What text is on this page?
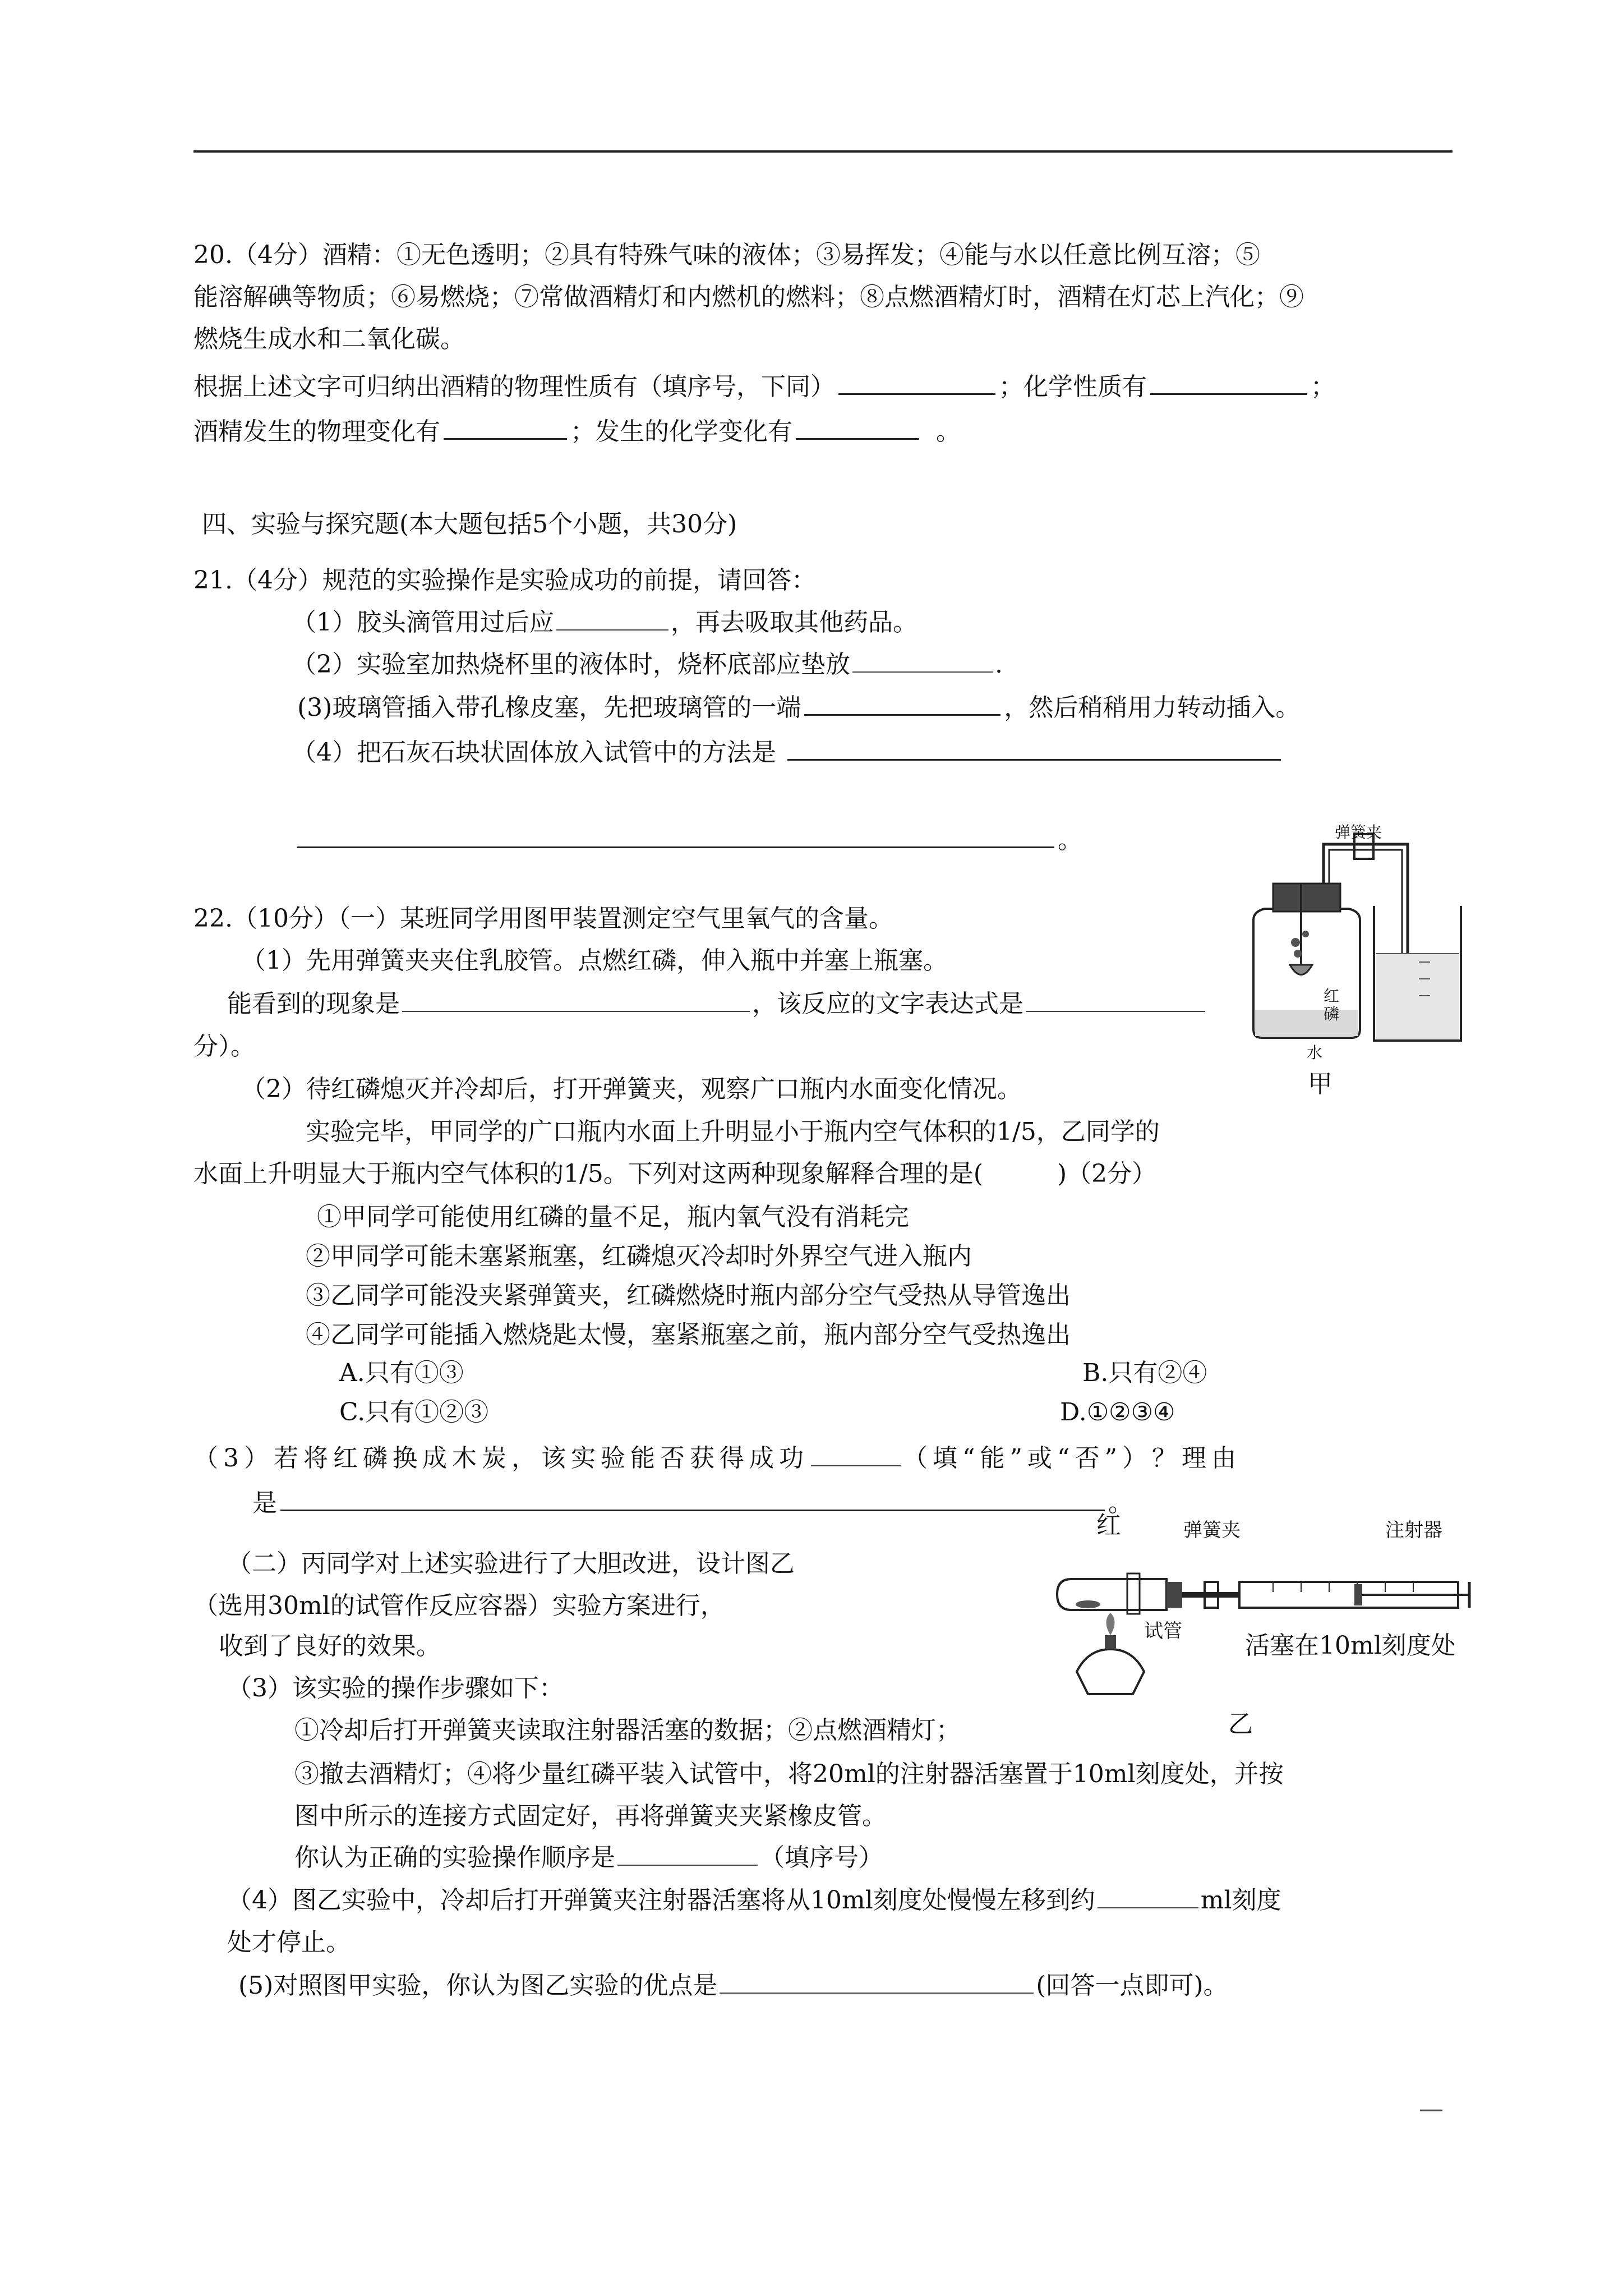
20.（4分）酒精：①无色透明；②具有特殊气味的液体；③易挥发；④能与水以任意比例互溶；⑤
能溶解碘等物质；⑥易燃烧；⑦常做酒精灯和内燃机的燃料；⑧点燃酒精灯时，酒精在灯芯上汽化；⑨
燃烧生成水和二氧化碳。
根据上述文字可归纳出酒精的物理性质有（填序号，下同）	；化学性质有	；
酒精发生的物理变化有	；发生的化学变化有	。
四、实验与探究题(本大题包括5个小题，共30分)
21.（4分）规范的实验操作是实验成功的前提，请回答：
（1）胶头滴管用过后应	，再去吸取其他药品。
（2）实验室加热烧杯里的液体时，烧杯底部应垫放	.
(3)玻璃管插入带孔橡皮塞，先把玻璃管的一端	，然后稍稍用力转动插入。
（4）把石灰石块状固体放入试管中的方法是
。	弹簧夹
红磷
水
甲
22.（10分）（一）某班同学用图甲装置测定空气里氧气的含量。
（1）先用弹簧夹夹住乳胶管。点燃红磷，伸入瓶中并塞上瓶塞。
能看到的现象是	，该反应的文字表达式是
分）。
（2）待红磷熄灭并冷却后，打开弹簧夹，观察广口瓶内水面变化情况。
实验完毕，甲同学的广口瓶内水面上升明显小于瓶内空气体积的1/5，乙同学的
水面上升明显大于瓶内空气体积的1/5。下列对这两种现象解释合理的是(　　　)（2分）
①甲同学可能使用红磷的量不足，瓶内氧气没有消耗完
②甲同学可能未塞紧瓶塞，红磷熄灭冷却时外界空气进入瓶内
③乙同学可能没夹紧弹簧夹，红磷燃烧时瓶内部分空气受热从导管逸出
④乙同学可能插入燃烧匙太慢，塞紧瓶塞之前，瓶内部分空气受热逸出
A.只有①③	B.只有②④
C.只有①②③	D.①②③④
（3）若将红磷换成木炭，该实验能否获得成功	（填“能”或“否”）？理由
是	。
（二）丙同学对上述实验进行了大胆改进，设计图乙
（选用30ml的试管作反应容器）实验方案进行，
收到了良好的效果。
红	弹簧夹	注射器
试管	活塞在10ml刻度处
乙
（3）该实验的操作步骤如下：
①冷却后打开弹簧夹读取注射器活塞的数据；②点燃酒精灯；
③撤去酒精灯；④将少量红磷平装入试管中，将20ml的注射器活塞置于10ml刻度处，并按
图中所示的连接方式固定好，再将弹簧夹夹紧橡皮管。
你认为正确的实验操作顺序是	（填序号）
（4）图乙实验中，冷却后打开弹簧夹注射器活塞将从10ml刻度处慢慢左移到约	ml刻度
处才停止。
(5)对照图甲实验，你认为图乙实验的优点是	(回答一点即可)。
—
